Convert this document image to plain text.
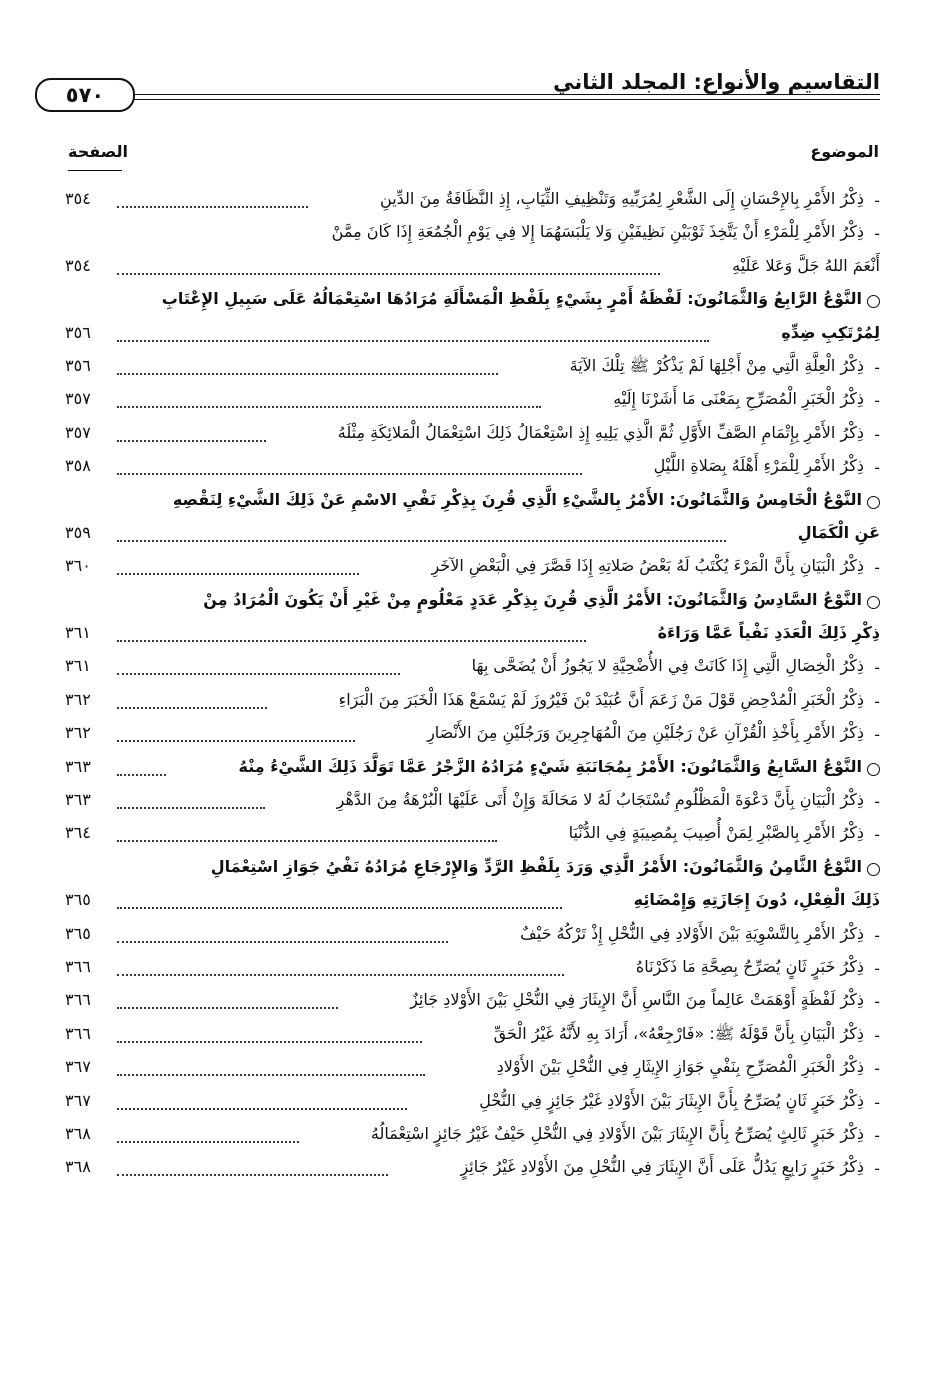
التقاسيم والأنواع: المجلد الثاني
٥٧٠
الموضوع
الصفحة
-
ذِكْرُ الأَمْرِ بِالإِحْسَانِ إِلَى الشَّعْرِ لِمُرَبِّيهِ وَتَنْظِيفِ الثِّيَابِ، إِذِ النَّظَافَةُ مِنَ الدِّينِ
٣٥٤
-
ذِكْرُ الأَمْرِ لِلْمَرْءِ أَنْ يَتَّخِذَ ثَوْبَيْنِ نَظِيفَيْنِ وَلا يَلْبَسَهُمَا إِلا فِي يَوْمِ الْجُمُعَةِ إِذَا كَانَ مِمَّنْ
أَنْعَمَ اللهُ جَلَّ وَعَلا عَلَيْهِ
٣٥٤
النَّوْعُ الرَّابِعُ وَالثَّمَانُونَ: لَفْظَةُ أَمْرٍ بِشَيْءٍ بِلَفْظِ الْمَسْأَلَةِ مُرَادُهَا اسْتِعْمَالُهُ عَلَى سَبِيلِ الإِعْتَابِ
لِمُرْتَكِبِ ضِدِّهِ
٣٥٦
-
ذِكْرُ الْعِلَّةِ الَّتِي مِنْ أَجْلِهَا لَمْ يَذْكُرْ ﷺ تِلْكَ الآيَةَ
٣٥٦
-
ذِكْرُ الْخَبَرِ الْمُصَرِّحِ بِمَعْنَى مَا أَشَرْنَا إِلَيْهِ
٣٥٧
-
ذِكْرُ الأَمْرِ بِإِتْمَامِ الصَّفِّ الأَوَّلِ ثُمَّ الَّذِي يَلِيهِ إِذِ اسْتِعْمَالُ ذَلِكَ اسْتِعْمَالُ الْمَلائِكَةِ مِثْلَهُ
٣٥٧
-
ذِكْرُ الأَمْرِ لِلْمَرْءِ أَهْلَهُ بِصَلاةِ اللَّيْلِ
٣٥٨
النَّوْعُ الْخَامِسُ وَالثَّمَانُونَ: الأَمْرُ بِالشَّيْءِ الَّذِي قُرِنَ بِذِكْرِ نَفْيِ الاسْمِ عَنْ ذَلِكَ الشَّيْءِ لِنَقْصِهِ
عَنِ الْكَمَالِ
٣٥٩
-
ذِكْرُ الْبَيَانِ بِأَنَّ الْمَرْءَ يُكْتَبُ لَهُ بَعْضُ صَلاتِهِ إِذَا قَصَّرَ فِي الْبَعْضِ الآخَرِ
٣٦٠
النَّوْعُ السَّادِسُ وَالثَّمَانُونَ: الأَمْرُ الَّذِي قُرِنَ بِذِكْرِ عَدَدٍ مَعْلُومٍ مِنْ غَيْرِ أَنْ يَكُونَ الْمُرَادُ مِنْ
ذِكْرِ ذَلِكَ الْعَدَدِ نَفْياً عَمَّا وَرَاءَهُ
٣٦١
-
ذِكْرُ الْخِصَالِ الَّتِي إِذَا كَانَتْ فِي الأُضْحِيَّةِ لا يَجُوزُ أَنْ يُضَحَّى بِهَا
٣٦١
-
ذِكْرُ الْخَبَرِ الْمُدْحِضِ قَوْلَ مَنْ زَعَمَ أَنَّ عُبَيْدَ بْنَ فَيْرُوزَ لَمْ يَسْمَعْ هَذَا الْخَبَرَ مِنَ الْبَرَاءِ
٣٦٢
-
ذِكْرُ الأَمْرِ بِأَخْذِ الْقُرْآنِ عَنْ رَجُلَيْنِ مِنَ الْمُهَاجِرِينَ وَرَجُلَيْنِ مِنَ الأَنْصَارِ
٣٦٢
النَّوْعُ السَّابِعُ وَالثَّمَانُونَ: الأَمْرُ بِمُجَانَبَةِ شَيْءٍ مُرَادُهُ الزَّجْرُ عَمَّا تَوَلَّدَ ذَلِكَ الشَّيْءُ مِنْهُ
٣٦٣
-
ذِكْرُ الْبَيَانِ بِأَنَّ دَعْوَةَ الْمَظْلُومِ تُسْتَجَابُ لَهُ لا مَحَالَةَ وَإِنْ أَتَى عَلَيْهَا الْبُرْهَةُ مِنَ الدَّهْرِ
٣٦٣
-
ذِكْرُ الأَمْرِ بِالصَّبْرِ لِمَنْ أُصِيبَ بِمُصِيبَةٍ فِي الدُّنْيَا
٣٦٤
النَّوْعُ الثَّامِنُ وَالثَّمَانُونَ: الأَمْرُ الَّذِي وَرَدَ بِلَفْظِ الرَّدِّ وَالإِرْجَاعِ مُرَادُهُ نَفْيُ جَوَازِ اسْتِعْمَالِ
ذَلِكَ الْفِعْلِ، دُونَ إِجَازَتِهِ وَإِمْضَائِهِ
٣٦٥
-
ذِكْرُ الأَمْرِ بِالتَّسْوِيَةِ بَيْنَ الأَوْلادِ فِي النُّحْلِ إِذْ تَرْكُهُ حَيْفٌ
٣٦٥
-
ذِكْرُ خَبَرٍ ثَانٍ يُصَرِّحُ بِصِحَّةِ مَا ذَكَرْنَاهُ
٣٦٦
-
ذِكْرُ لَفْظَةٍ أَوْهَمَتْ عَالِماً مِنَ النَّاسِ أَنَّ الإِيثَارَ فِي النُّحْلِ بَيْنَ الأَوْلادِ جَائِزٌ
٣٦٦
-
ذِكْرُ الْبَيَانِ بِأَنَّ قَوْلَهُ ﷺ: «فَارْجِعْهُ»، أَرَادَ بِهِ لأَنَّهُ غَيْرُ الْحَقِّ
٣٦٦
-
ذِكْرُ الْخَبَرِ الْمُصَرِّحِ بِنَفْيِ جَوَازِ الإِيثَارِ فِي النُّحْلِ بَيْنَ الأَوْلادِ
٣٦٧
-
ذِكْرُ خَبَرٍ ثَانٍ يُصَرِّحُ بِأَنَّ الإِيثَارَ بَيْنَ الأَوْلادِ غَيْرُ جَائِزٍ فِي النُّحْلِ
٣٦٧
-
ذِكْرُ خَبَرٍ ثَالِثٍ يُصَرِّحُ بِأَنَّ الإِيثَارَ بَيْنَ الأَوْلادِ فِي النُّحْلِ حَيْفٌ غَيْرُ جَائِزٍ اسْتِعْمَالُهُ
٣٦٨
-
ذِكْرُ خَبَرٍ رَابِعٍ يَدُلُّ عَلَى أَنَّ الإِيثَارَ فِي النُّحْلِ مِنَ الأَوْلادِ غَيْرُ جَائِزٍ
٣٦٨
